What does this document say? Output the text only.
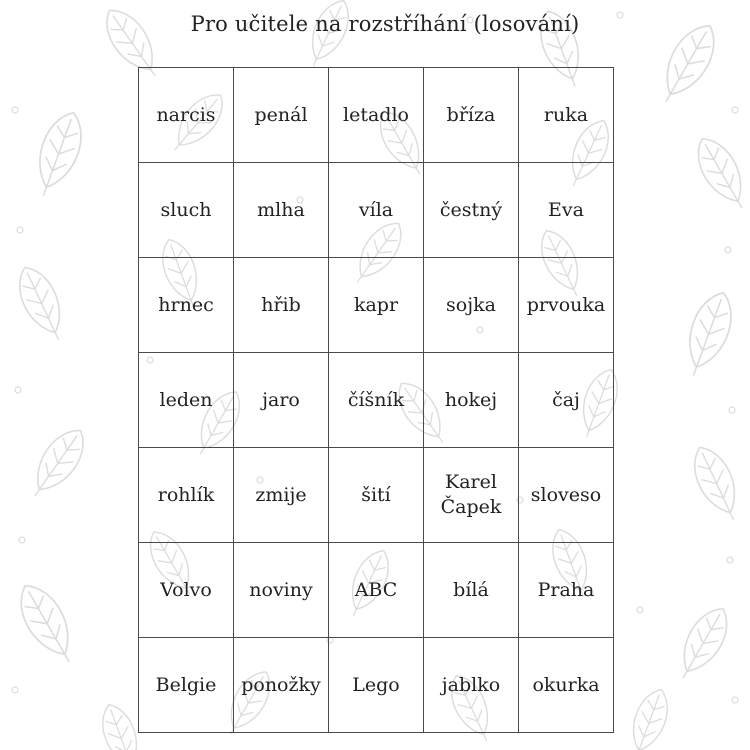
Pro učitele na rozstříhání (losování)
narcis	penál	letadlo	bříza	ruka
sluch	mlha	víla	čestný	Eva
hrnec	hřib	kapr	sojka	prvouka
leden	jaro	číšník	hokej	čaj
rohlík	zmije	šití	Karel Čapek	sloveso
Volvo	noviny	ABC	bílá	Praha
Belgie	ponožky	Lego	jablko	okurka
